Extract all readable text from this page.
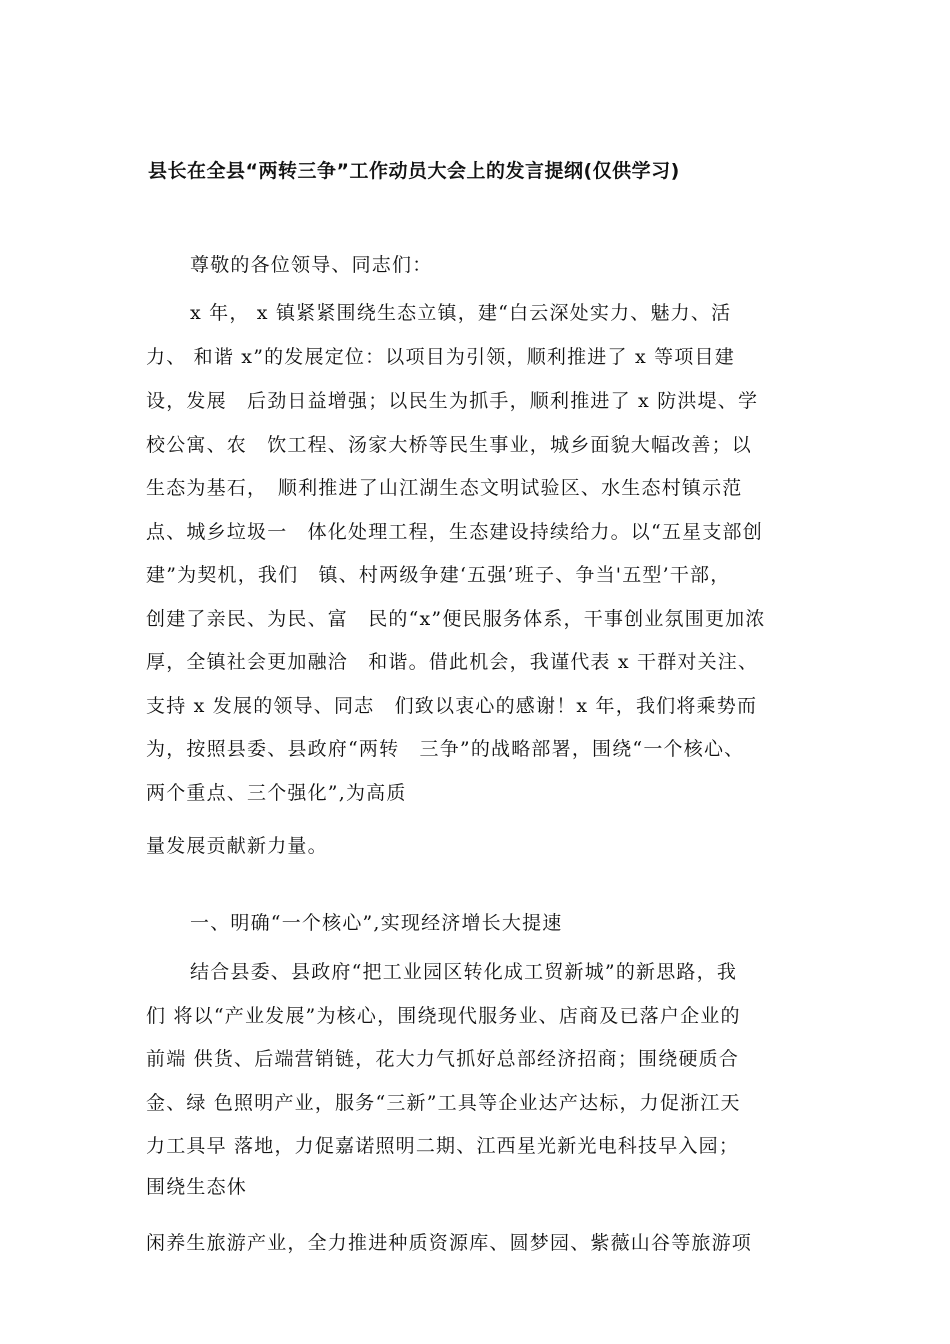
县长在全县“两转三争”工作动员大会上的发言提纲(仅供学习)
尊敬的各位领导、同志们：
x 年， x 镇紧紧围绕生态立镇，建“白云深处实力、魅力、活
力、 和谐 x”的发展定位：以项目为引领，顺利推进了 x 等项目建
设，发展　后劲日益增强；以民生为抓手，顺利推进了 x 防洪堤、学
校公寓、农　饮工程、汤家大桥等民生事业，城乡面貌大幅改善；以
生态为基石，　顺利推进了山江湖生态文明试验区、水生态村镇示范
点、城乡垃圾一　体化处理工程，生态建设持续给力。以“五星支部创
建”为契机，我们　镇、村两级争建‘五强’班子、争当'五型’干部，
创建了亲民、为民、富　民的“x”便民服务体系，干事创业氛围更加浓
厚，全镇社会更加融洽　和谐。借此机会，我谨代表 x 干群对关注、
支持 x 发展的领导、同志　们致以衷心的感谢！x 年，我们将乘势而
为，按照县委、县政府“两转　三争”的战略部署，围绕“一个核心、
两个重点、三个强化”,为高质
量发展贡献新力量。
一、明确“一个核心”,实现经济增长大提速
结合县委、县政府“把工业园区转化成工贸新城”的新思路，我
们 将以“产业发展”为核心，围绕现代服务业、店商及已落户企业的
前端 供货、后端营销链，花大力气抓好总部经济招商；围绕硬质合
金、绿 色照明产业，服务“三新”工具等企业达产达标，力促浙江天
力工具早 落地，力促嘉诺照明二期、江西星光新光电科技早入园；
围绕生态休
闲养生旅游产业，全力推进种质资源库、圆梦园、紫薇山谷等旅游项
